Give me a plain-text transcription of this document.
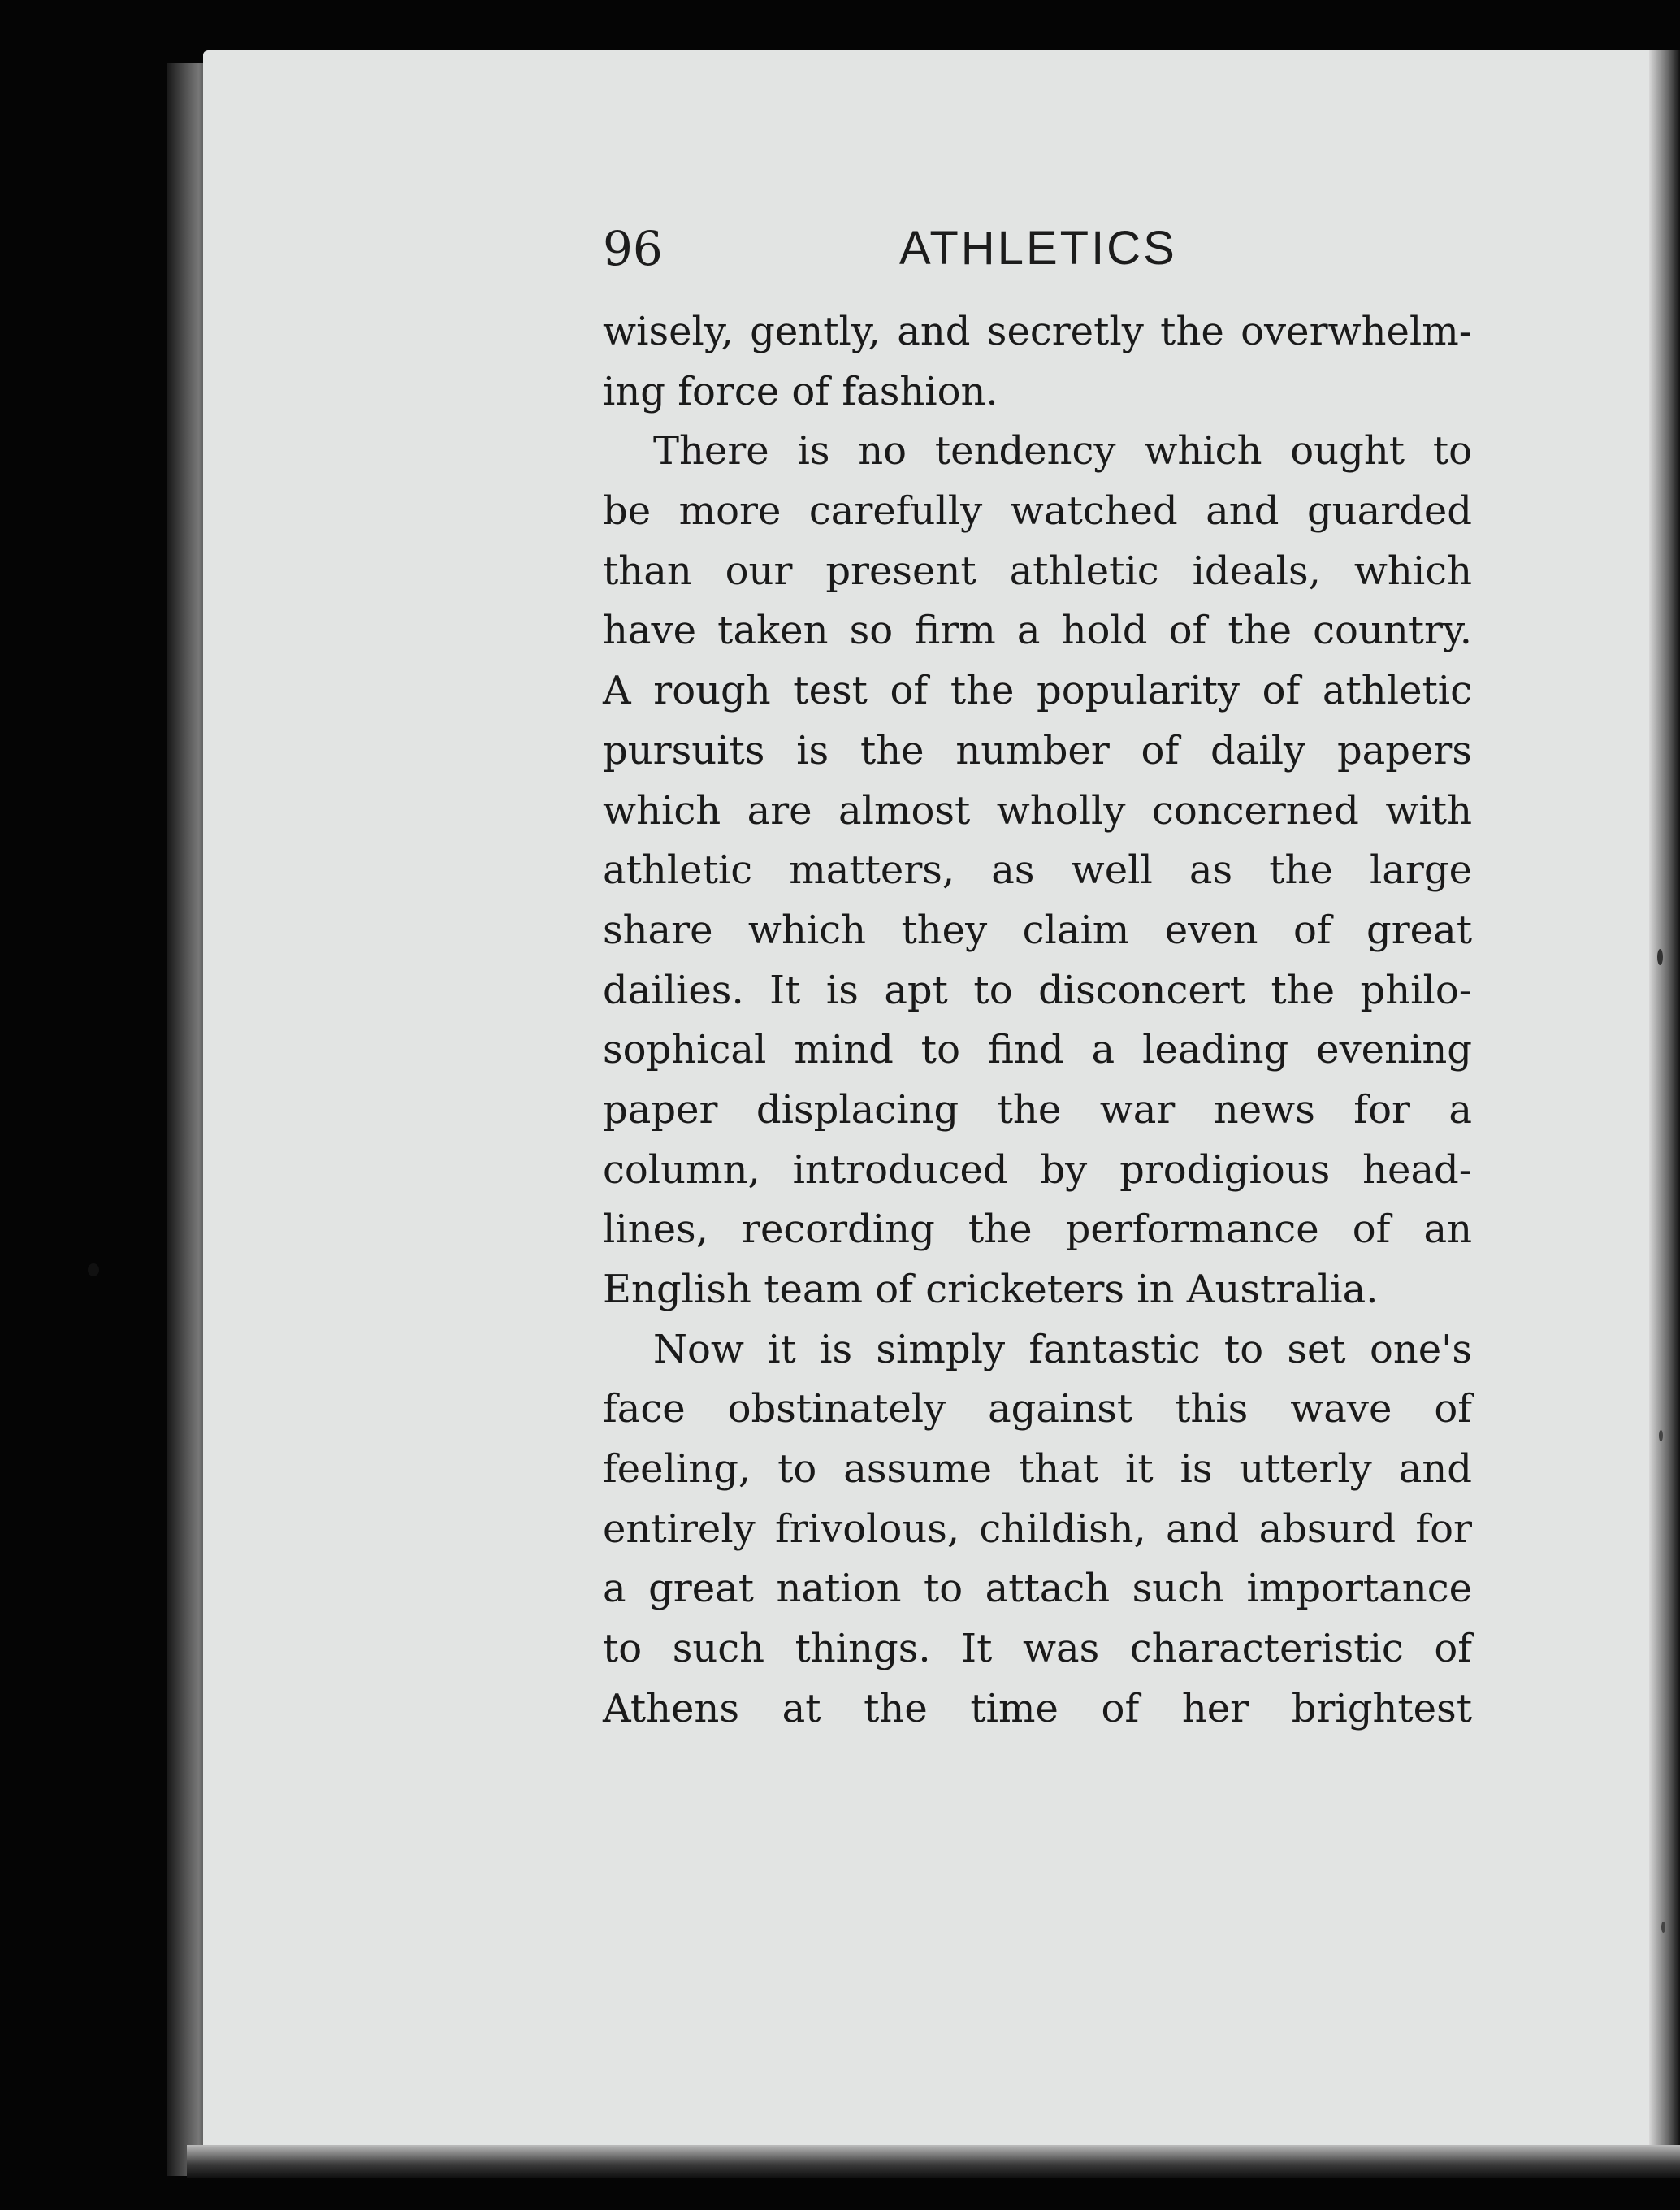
96	ATHLETICS
wisely, gently, and secretly the overwhelm-
ing force of fashion.
There is no tendency which ought to
be more carefully watched and guarded
than our present athletic ideals, which
have taken so firm a hold of the country.
A rough test of the popularity of athletic
pursuits is the number of daily papers
which are almost wholly concerned with
athletic matters, as well as the large
share which they claim even of great
dailies. It is apt to disconcert the philo-
sophical mind to find a leading evening
paper displacing the war news for a
column, introduced by prodigious head-
lines, recording the performance of an
English team of cricketers in Australia.
Now it is simply fantastic to set one's
face obstinately against this wave of
feeling, to assume that it is utterly and
entirely frivolous, childish, and absurd for
a great nation to attach such importance
to such things. It was characteristic of
Athens at the time of her brightest
